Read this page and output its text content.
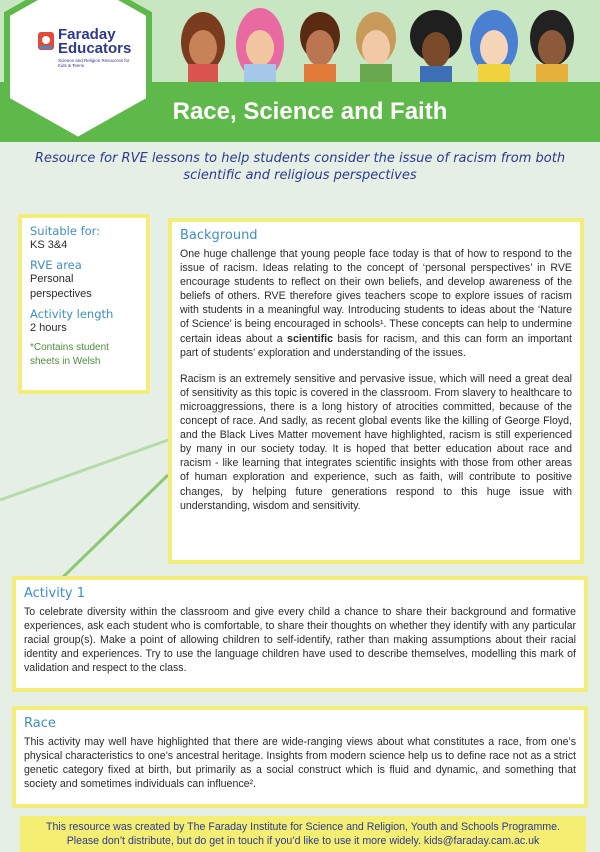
Race, Science and Faith
Faraday Educators
Science and Religion Resources for Kids & Teens
Resource for RVE lessons to help students consider the issue of racism from both scientific and religious perspectives
Suitable for:
KS 3&4
RVE area
Personal perspectives
Activity length
2 hours
*Contains student sheets in Welsh
Background

One huge challenge that young people face today is that of how to respond to the issue of racism. Ideas relating to the concept of ‘personal perspectives’ in RVE encourage students to reflect on their own beliefs, and develop awareness of the beliefs of others. RVE therefore gives teachers scope to explore issues of racism with students in a meaningful way. Introducing students to ideas about the ‘Nature of Science’ is being encouraged in schools¹. These concepts can help to undermine certain ideas about a scientific basis for racism, and this can form an important part of students’ exploration and understanding of the issues.

Racism is an extremely sensitive and pervasive issue, which will need a great deal of sensitivity as this topic is covered in the classroom. From slavery to healthcare to microaggressions, there is a long history of atrocities committed, because of the concept of race. And sadly, as recent global events like the killing of George Floyd, and the Black Lives Matter movement have highlighted, racism is still experienced by many in our society today. It is hoped that better education about race and racism - like learning that integrates scientific insights with those from other areas of human exploration and experience, such as faith, will contribute to positive changes, by helping future generations respond to this huge issue with understanding, wisdom and sensitivity.

Activity 1

To celebrate diversity within the classroom and give every child a chance to share their background and formative experiences, ask each student who is comfortable, to share their thoughts on whether they identify with any particular racial group(s). Make a point of allowing children to self-identify, rather than making assumptions about their racial identity and experiences. Try to use the language children have used to describe themselves, modelling this mark of validation and respect to the class.

Race

This activity may well have highlighted that there are wide-ranging views about what constitutes a race, from one’s physical characteristics to one’s ancestral heritage. Insights from modern science help us to define race not as a strict genetic category fixed at birth, but primarily as a social construct which is fluid and dynamic, and something that society and sometimes individuals can influence².

This resource was created by The Faraday Institute for Science and Religion, Youth and Schools Programme.
Please don’t distribute, but do get in touch if you’d like to use it more widely. kids@faraday.cam.ac.uk
